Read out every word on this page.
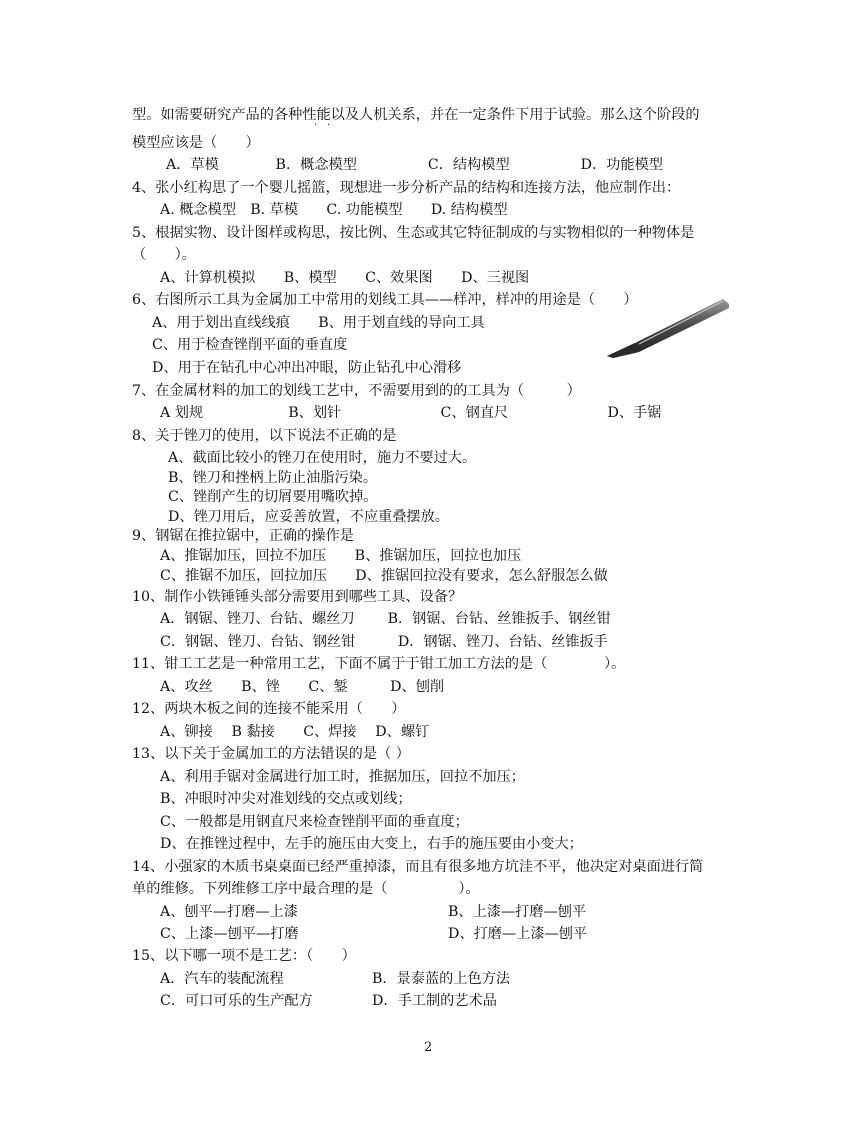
型。如需要研究产品的各种性能以及人机关系，并在一定条件下用于试验。那么这个阶段的
· ·
模型应该是（　　）
A．草模　　　　B．概念模型　　　　　C．结构模型　　　　　D．功能模型
4、张小红构思了一个婴儿摇篮，现想进一步分析产品的结构和连接方法，他应制作出：
A. 概念模型　B. 草模　　C. 功能模型　　D. 结构模型
5、根据实物、设计图样或构思，按比例、生态或其它特征制成的与实物相似的一种物体是
（　　）。
A、计算机模拟　　B、模型　　C、效果图　　D、三视图
6、右图所示工具为金属加工中常用的划线工具——样冲，样冲的用途是（　　）
A、用于划出直线线痕　　B、用于划直线的导向工具
C、用于检查锉削平面的垂直度
D、用于在钻孔中心冲出冲眼，防止钻孔中心滑移
7、在金属材料的加工的划线工艺中，不需要用到的的工具为（　　　）
A 划规　　　　　　B、划针　　　　　　　C、钢直尺　　　　　　　D、手锯
8、关于锉刀的使用，以下说法不正确的是
A、截面比较小的锉刀在使用时，施力不要过大。
B、锉刀和挫柄上防止油脂污染。
C、锉削产生的切屑要用嘴吹掉。
D、锉刀用后，应妥善放置，不应重叠摆放。
9、钢锯在推拉锯中，正确的操作是
A、推锯加压，回拉不加压　　B、推锯加压，回拉也加压
C、推锯不加压，回拉加压　　D、推锯回拉没有要求，怎么舒服怎么做
10、制作小铁锤锤头部分需要用到哪些工具、设备？
A．钢锯、锉刀、台钻、螺丝刀　　 B．钢锯、台钻、丝锥扳手、钢丝钳
C．钢锯、锉刀、台钻、钢丝钳　　　D．钢锯、锉刀、台钻、丝锥扳手
11、钳工工艺是一种常用工艺，下面不属于于钳工加工方法的是（　　　　）。
A、攻丝　　B、锉　　C、錾　　　D、刨削
12、两块木板之间的连接不能采用（　　）
A、铆接　 B 黏接　　C、焊接　 D、螺钉
13、以下关于金属加工的方法错误的是（ ）
A、利用手锯对金属进行加工时，推据加压，回拉不加压；
B、冲眼时冲尖对准划线的交点或划线；
C、一般都是用钢直尺来检查锉削平面的垂直度；
D、在推锉过程中，左手的施压由大变上，右手的施压要由小变大；
14、小强家的木质书桌桌面已经严重掉漆，而且有很多地方坑洼不平，他决定对桌面进行简
单的维修。下列维修工序中最合理的是（　　　　　）。
A、刨平—打磨—上漆	B、上漆—打磨—刨平
C、上漆—刨平—打磨	D、打磨—上漆—刨平
15、以下哪一项不是工艺：（　　）
A．汽车的装配流程	B．景泰蓝的上色方法
C．可口可乐的生产配方	D．手工制的艺术品
2
